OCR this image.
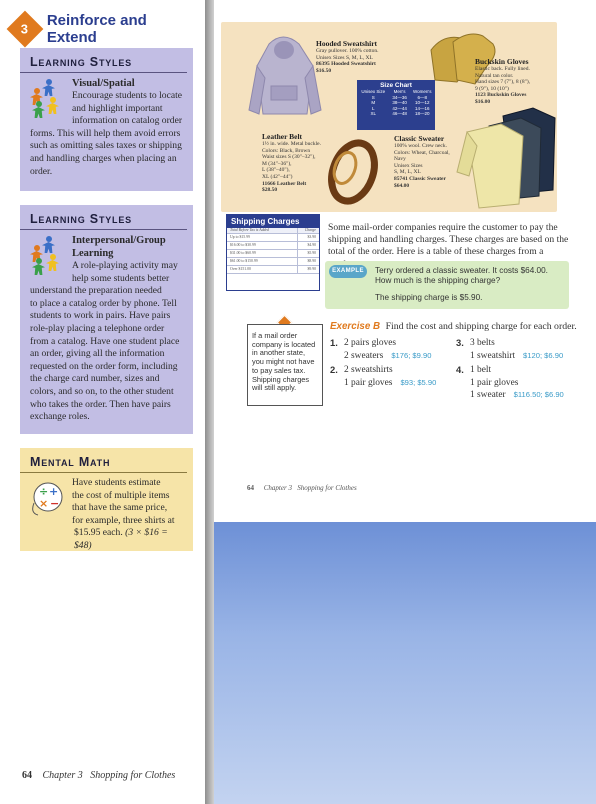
3 Reinforce and Extend
Learning Styles
Visual/Spatial
Encourage students to locate
and highlight important
information on catalog order
forms. This will help them avoid errors
such as omitting sales taxes or shipping
and handling charges when placing an
order.
Learning Styles
Interpersonal/Group
Learning
A role-playing activity may
help some students better
understand the preparation needed
to place a catalog order by phone. Tell
students to work in pairs. Have pairs
role-play placing a telephone order
from a catalog. Have one student place
an order, giving all the information
requested on the order form, including
the charge card number, sizes and
colors, and so on, to the other student
who takes the order. Then have pairs
exchange roles.
Mental Math
÷ +
× −
Have students estimate
the cost of multiple items
that have the same price,
for example, three shirts at
$15.95 each. (3 × $16 = $48)
64 Chapter 3 Shopping for Clothes
Hooded Sweatshirt
Gray pullover. 100% cotton.
Unisex Sizes S, M, L, XL
86395 Hooded Sweatshirt
$16.50
Buckskin Gloves
Elastic back. Fully lined.
Natural tan color.
Hand sizes 7 (7"), 8 (8"),
9 (9"), 10 (10")
1123 Buckskin Gloves
$16.00
Size Chart
Unisex Size	Men's	Women's
S	34—36	6—8
M	38—40	10—12
L	42—44	14—16
XL	46—48	18—20
Leather Belt
1½ in. wide. Metal buckle.
Colors: Black, Brown
Waist sizes S (30"–32"),
M (34"–36"),
L (38"–40"),
XL (42"–44")
11666 Leather Belt
$28.50
Classic Sweater
100% wool. Crew neck.
Colors: Wheat, Charcoal,
Navy
Unisex Sizes
S, M, L, XL
85741 Classic Sweater
$64.00
Shipping Charges
Total Before Tax is Added	Charge
Up to $15.99	$3.90
$16.00 to $30.99	$4.90
$31.00 to $60.99	$5.90
$61.00 to $150.99	$8.90
Over $151.00	$9.90
Some mail-order companies require the customer to pay the
shipping and handling charges. These charges are based on the
total of the order. Here is a table of these charges from a
EXAMPLE	Terry ordered a classic sweater. It costs $64.00.
How much is the shipping charge?
The shipping charge is $5.90.
If a mail order
company is located
in another state,
you might not have
to pay sales tax.
Shipping charges
will still apply.
Exercise B Find the cost and shipping charge for each order.
1. 2 pairs gloves
2 sweaters $176; $9.90
2. 2 sweatshirts
1 pair gloves $93; $5.90
3. 3 belts
1 sweatshirt $120; $6.90
4. 1 belt
1 pair gloves
1 sweater $116.50; $6.90
64 Chapter 3 Shopping for Clothes
